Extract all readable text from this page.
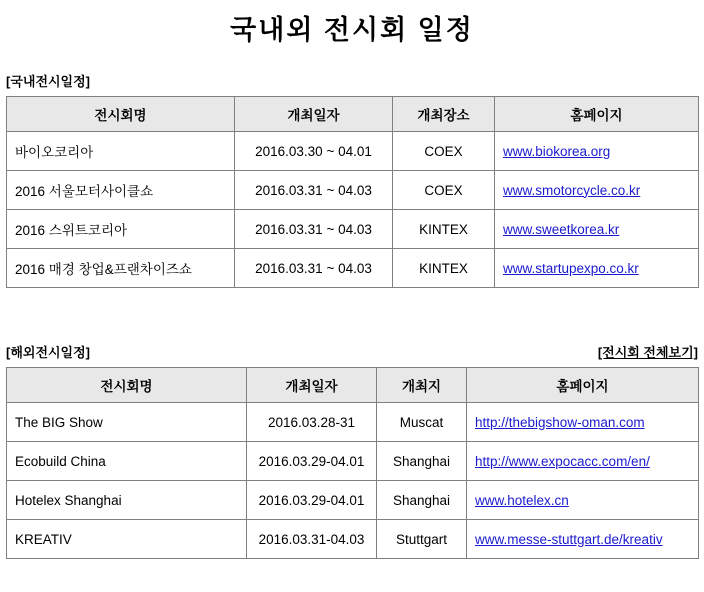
국내외 전시회 일정
[국내전시일정]
전시회명	개최일자	개최장소	홈페이지
바이오코리아	2016.03.30 ~ 04.01	COEX	www.biokorea.org
2016 서울모터사이클쇼	2016.03.31 ~ 04.03	COEX	www.smotorcycle.co.kr
2016 스위트코리아	2016.03.31 ~ 04.03	KINTEX	www.sweetkorea.kr
2016 매경 창업&프랜차이즈쇼	2016.03.31 ~ 04.03	KINTEX	www.startupexpo.co.kr
[해외전시일정]	[전시회 전체보기]
전시회명	개최일자	개최지	홈페이지
The BIG Show	2016.03.28-31	Muscat	http://thebigshow-oman.com
Ecobuild China	2016.03.29-04.01	Shanghai	http://www.expocacc.com/en/
Hotelex Shanghai	2016.03.29-04.01	Shanghai	www.hotelex.cn
KREATIV	2016.03.31-04.03	Stuttgart	www.messe-stuttgart.de/kreativ
